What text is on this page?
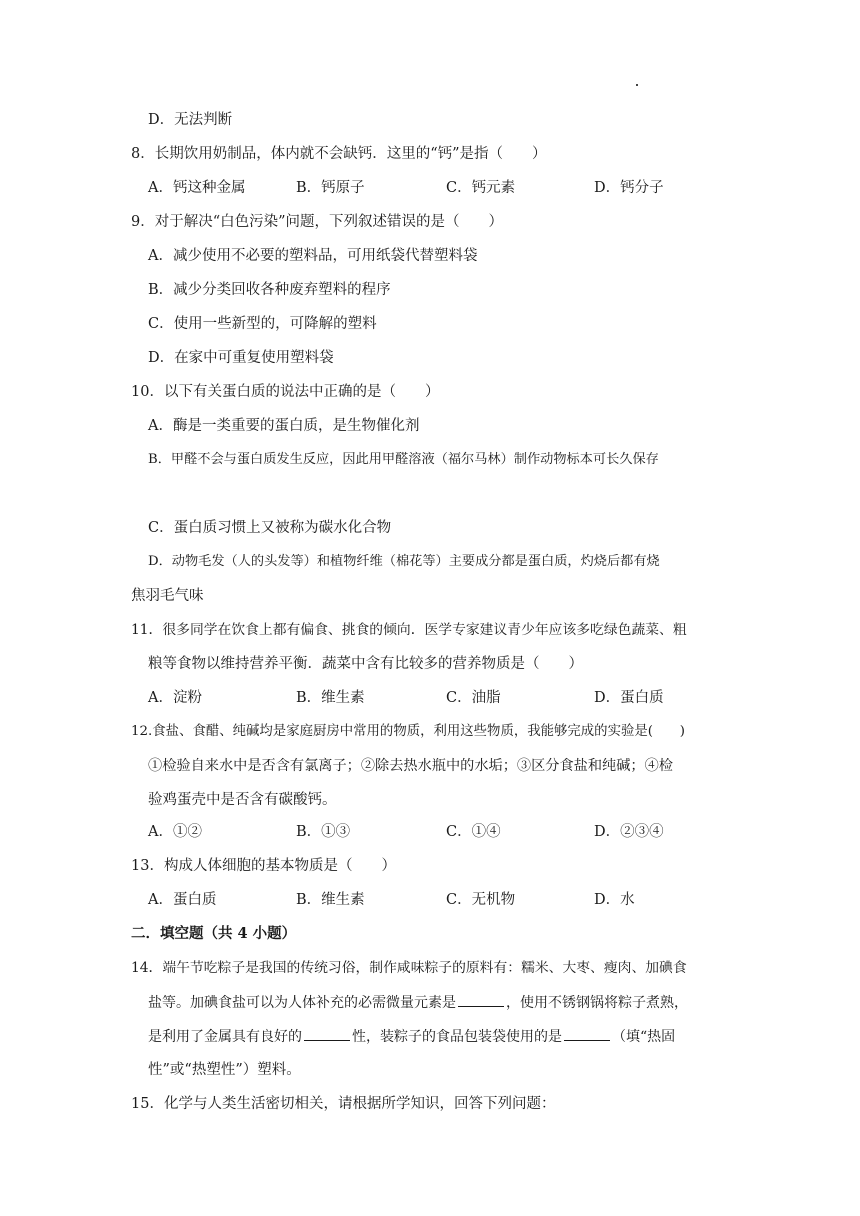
D．无法判断
8．长期饮用奶制品，体内就不会缺钙．这里的“钙”是指（　　）
A．钙这种金属	B．钙原子	C．钙元素	D．钙分子
9．对于解决“白色污染”问题，下列叙述错误的是（　　）
A．减少使用不必要的塑料品，可用纸袋代替塑料袋
B．减少分类回收各种废弃塑料的程序
C．使用一些新型的，可降解的塑料
D．在家中可重复使用塑料袋
10．以下有关蛋白质的说法中正确的是（　　）
A．酶是一类重要的蛋白质，是生物催化剂
B．甲醛不会与蛋白质发生反应，因此用甲醛溶液（福尔马林）制作动物标本可长久保存
C．蛋白质习惯上又被称为碳水化合物
D．动物毛发（人的头发等）和植物纤维（棉花等）主要成分都是蛋白质，灼烧后都有烧
焦羽毛气味
11．很多同学在饮食上都有偏食、挑食的倾向．医学专家建议青少年应该多吃绿色蔬菜、粗
粮等食物以维持营养平衡．蔬菜中含有比较多的营养物质是（　　）
A．淀粉	B．维生素	C．油脂	D．蛋白质
12.食盐、食醋、纯碱均是家庭厨房中常用的物质，利用这些物质，我能够完成的实验是(　　)
①检验自来水中是否含有氯离子；②除去热水瓶中的水垢；③区分食盐和纯碱；④检
验鸡蛋壳中是否含有碳酸钙。
A．①②	B．①③	C．①④	D．②③④
13．构成人体细胞的基本物质是（　　）
A．蛋白质	B．维生素	C．无机物	D．水
二．填空题（共 4 小题）
14．端午节吃粽子是我国的传统习俗，制作咸味粽子的原料有：糯米、大枣、瘦肉、加碘食
盐等。加碘食盐可以为人体补充的必需微量元素是	，使用不锈钢锅将粽子煮熟，
是利用了金属具有良好的	性，装粽子的食品包装袋使用的是	（填“热固
性”或“热塑性”）塑料。
15．化学与人类生活密切相关，请根据所学知识，回答下列问题：
